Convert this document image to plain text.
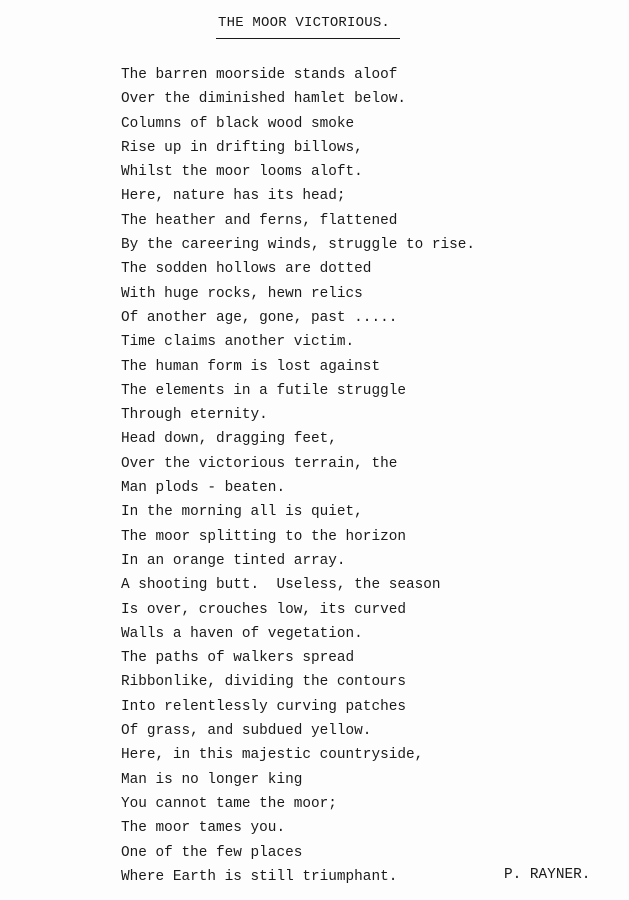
THE MOOR VICTORIOUS.
The barren moorside stands aloof
Over the diminished hamlet below.
Columns of black wood smoke
Rise up in drifting billows,
Whilst the moor looms aloft.
Here, nature has its head;
The heather and ferns, flattened
By the careering winds, struggle to rise.
The sodden hollows are dotted
With huge rocks, hewn relics
Of another age, gone, past .....
Time claims another victim.
The human form is lost against
The elements in a futile struggle
Through eternity.
Head down, dragging feet,
Over the victorious terrain, the
Man plods - beaten.
In the morning all is quiet,
The moor splitting to the horizon
In an orange tinted array.
A shooting butt.  Useless, the season
Is over, crouches low, its curved
Walls a haven of vegetation.
The paths of walkers spread
Ribbonlike, dividing the contours
Into relentlessly curving patches
Of grass, and subdued yellow.
Here, in this majestic countryside,
Man is no longer king
You cannot tame the moor;
The moor tames you.
One of the few places
Where Earth is still triumphant.	P. RAYNER.
